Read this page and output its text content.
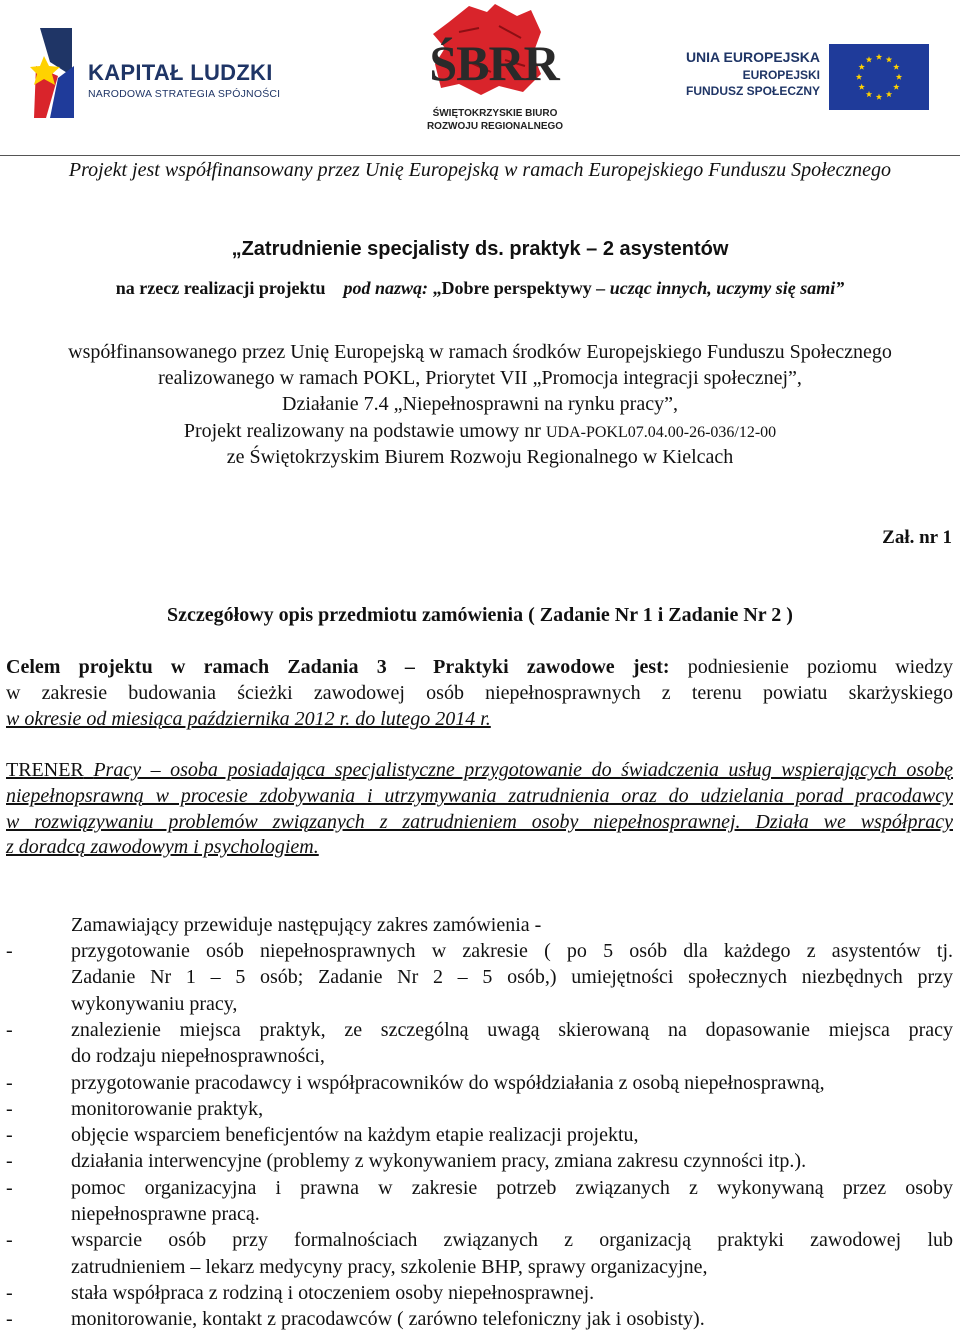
KAPITAŁ LUDZKI
NARODOWA STRATEGIA SPÓJNOŚCI
ŚBRR
ŚWIĘTOKRZYSKIE BIURO
ROZWOJU REGIONALNEGO
UNIA EUROPEJSKA
EUROPEJSKI
FUNDUSZ SPOŁECZNY
Projekt jest współfinansowany przez Unię Europejską w ramach Europejskiego Funduszu Społecznego
„Zatrudnienie specjalisty ds. praktyk – 2 asystentów
na rzecz realizacji projektu pod nazwą: „Dobre perspektywy – ucząc innych, uczymy się sami”
współfinansowanego przez Unię Europejską w ramach środków Europejskiego Funduszu Społecznego
realizowanego w ramach POKL, Priorytet VII „Promocja integracji społecznej”,
Działanie 7.4 „Niepełnosprawni na rynku pracy”,
Projekt realizowany na podstawie umowy nr UDA-POKL07.04.00-26-036/12-00
ze Świętokrzyskim Biurem Rozwoju Regionalnego w Kielcach
Zał. nr 1
Szczegółowy opis przedmiotu zamówienia ( Zadanie Nr 1 i Zadanie Nr 2 )
Celem projektu w ramach Zadania 3 – Praktyki zawodowe jest: podniesienie poziomu wiedzy
w zakresie budowania ścieżki zawodowej osób niepełnosprawnych z terenu powiatu skarżyskiego
w okresie od miesiąca października 2012 r. do lutego 2014 r.
TRENER Pracy – osoba posiadająca specjalistyczne przygotowanie do świadczenia usług wspierających osobę
niepełnopsrawną w procesie zdobywania i utrzymywania zatrudnienia oraz do udzielania porad pracodawcy
w rozwiązywaniu problemów związanych z zatrudnieniem osoby niepełnosprawnej. Działa we współpracy
z doradcą zawodowym i psychologiem.
Zamawiający przewiduje następujący zakres zamówienia -
-	przygotowanie osób niepełnosprawnych w zakresie ( po 5 osób dla każdego z asystentów tj.
Zadanie Nr 1 – 5 osób; Zadanie Nr 2 – 5 osób,) umiejętności społecznych niezbędnych przy
wykonywaniu pracy,
-	znalezienie miejsca praktyk, ze szczególną uwagą skierowaną na dopasowanie miejsca pracy
do rodzaju niepełnosprawności,
-	przygotowanie pracodawcy i współpracowników do współdziałania z osobą niepełnosprawną,
-	monitorowanie praktyk,
-	objęcie wsparciem beneficjentów na każdym etapie realizacji projektu,
-	działania interwencyjne (problemy z wykonywaniem pracy, zmiana zakresu czynności itp.).
-	pomoc organizacyjna i prawna w zakresie potrzeb związanych z wykonywaną przez osoby
niepełnosprawne pracą.
-	wsparcie osób przy formalnościach związanych z organizacją praktyki zawodowej lub
zatrudnieniem – lekarz medycyny pracy, szkolenie BHP, sprawy organizacyjne,
-	stała współpraca z rodziną i otoczeniem osoby niepełnosprawnej.
-	monitorowanie, kontakt z pracodawców ( zarówno telefoniczny jak i osobisty).
